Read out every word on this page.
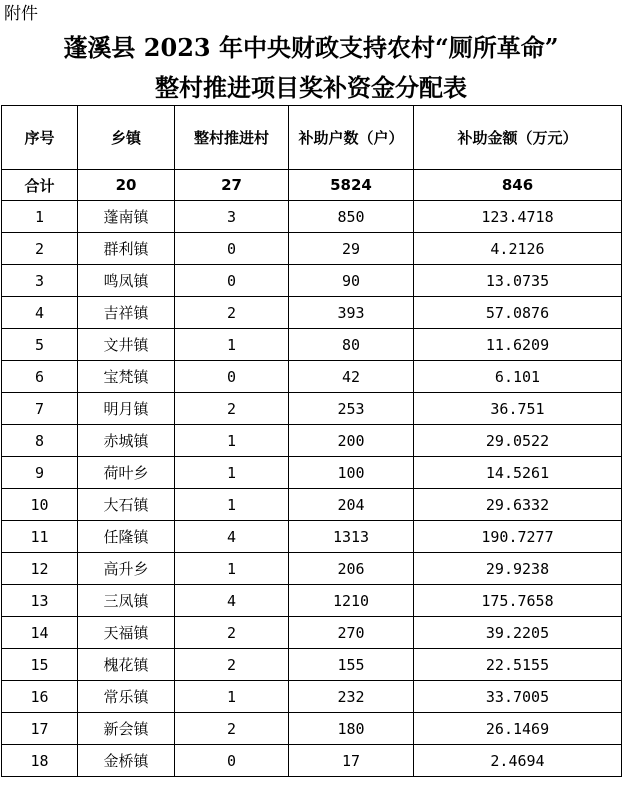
附件
蓬溪县 2023 年中央财政支持农村“厕所革命”
整村推进项目奖补资金分配表
序号	乡镇	整村推进村	补助户数（户）	补助金额（万元）
合计	20	27	5824	846
1	蓬南镇	3	850	123.4718
2	群利镇	0	29	4.2126
3	鸣凤镇	0	90	13.0735
4	吉祥镇	2	393	57.0876
5	文井镇	1	80	11.6209
6	宝梵镇	0	42	6.101
7	明月镇	2	253	36.751
8	赤城镇	1	200	29.0522
9	荷叶乡	1	100	14.5261
10	大石镇	1	204	29.6332
11	任隆镇	4	1313	190.7277
12	高升乡	1	206	29.9238
13	三凤镇	4	1210	175.7658
14	天福镇	2	270	39.2205
15	槐花镇	2	155	22.5155
16	常乐镇	1	232	33.7005
17	新会镇	2	180	26.1469
18	金桥镇	0	17	2.4694
